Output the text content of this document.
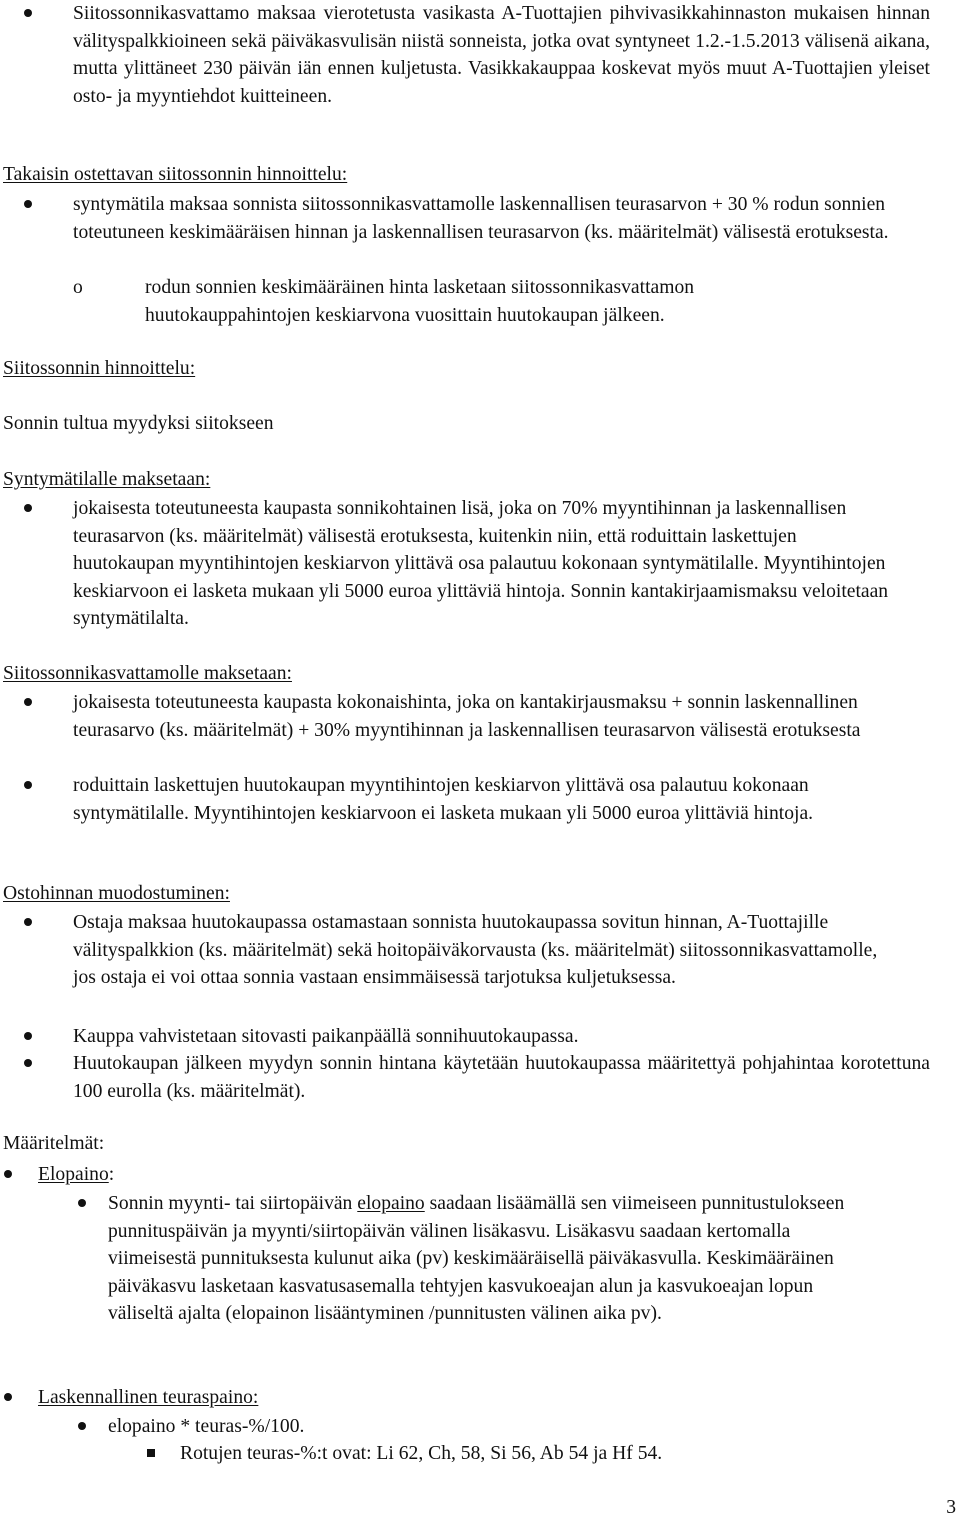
Siitossonnikasvattamo maksaa vierotetusta vasikasta A-Tuottajien pihvivasikkahinnaston mukaisen hinnan välityspalkkioineen sekä päiväkasvulisän niistä sonneista, jotka ovat syntyneet 1.2.-1.5.2013 välisenä aikana, mutta ylittäneet 230 päivän iän ennen kuljetusta. Vasikkakauppaa koskevat myös muut A-Tuottajien yleiset osto- ja myyntiehdot kuitteineen.
Takaisin ostettavan siitossonnin hinnoittelu:
syntymätila maksaa sonnista siitossonnikasvattamolle laskennallisen teurasarvon + 30 % rodun sonnien toteutuneen keskimääräisen hinnan ja laskennallisen teurasarvon (ks. määritelmät) välisestä erotuksesta.
o	rodun sonnien keskimääräinen hinta lasketaan siitossonnikasvattamon huutokauppahintojen keskiarvona vuosittain huutokaupan jälkeen.
Siitossonnin hinnoittelu:
Sonnin tultua myydyksi siitokseen
Syntymätilalle maksetaan:
jokaisesta toteutuneesta kaupasta sonnikohtainen lisä, joka on 70% myyntihinnan ja laskennallisen teurasarvon (ks. määritelmät) välisestä erotuksesta, kuitenkin niin, että roduittain laskettujen huutokaupan myyntihintojen keskiarvon ylittävä osa palautuu kokonaan syntymätilalle. Myyntihintojen keskiarvoon ei lasketa mukaan yli 5000 euroa ylittäviä hintoja. Sonnin kantakirjaamismaksu veloitetaan syntymätilalta.
Siitossonnikasvattamolle maksetaan:
jokaisesta toteutuneesta kaupasta kokonaishinta, joka on kantakirjausmaksu + sonnin laskennallinen teurasarvo (ks. määritelmät) + 30% myyntihinnan ja laskennallisen teurasarvon välisestä erotuksesta
roduittain laskettujen huutokaupan myyntihintojen keskiarvon ylittävä osa palautuu kokonaan syntymätilalle. Myyntihintojen keskiarvoon ei lasketa mukaan yli 5000 euroa ylittäviä hintoja.
Ostohinnan muodostuminen:
Ostaja maksaa huutokaupassa ostamastaan sonnista huutokaupassa sovitun hinnan, A-Tuottajille välityspalkkion (ks. määritelmät) sekä hoitopäiväkorvausta (ks. määritelmät) siitossonnikasvattamolle, jos ostaja ei voi ottaa sonnia vastaan ensimmäisessä tarjotuksa kuljetuksessa.
Kauppa vahvistetaan sitovasti paikanpäällä sonnihuutokaupassa.
Huutokaupan jälkeen myydyn sonnin hintana käytetään huutokaupassa määritettyä pohjahintaa korotettuna 100 eurolla (ks. määritelmät).
Määritelmät:
Elopaino:
Sonnin myynti- tai siirtopäivän elopaino saadaan lisäämällä sen viimeiseen punnitustulokseen punnituspäivän ja myynti/siirtopäivän välinen lisäkasvu. Lisäkasvu saadaan kertomalla viimeisestä punnituksesta kulunut aika (pv) keskimääräisellä päiväkasvulla. Keskimääräinen päiväkasvu lasketaan kasvatusasemalla tehtyjen kasvukoeajan alun ja kasvukoeajan lopun väliseltä ajalta (elopainon lisääntyminen /punnitusten välinen aika pv).
Laskennallinen teuraspaino:
elopaino * teuras-%/100.
Rotujen teuras-%:t ovat: Li 62, Ch, 58, Si 56, Ab 54 ja Hf 54.
3
